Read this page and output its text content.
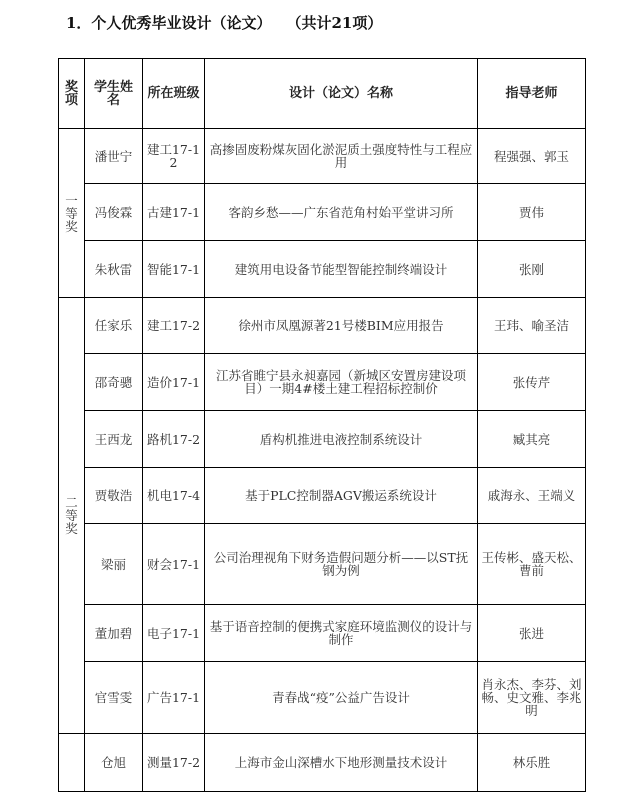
1．个人优秀毕业设计（论文）　　（共计21项）
奖项	学生姓名	所在班级	设计（论文）名称	指导老师
一等奖	潘世宁	建工17-12	高掺固废粉煤灰固化淤泥质土强度特性与工程应用	程强强、郭玉
	冯俊霖	古建17-1	客韵乡愁——广东省范角村始平堂讲习所	贾伟
	朱秋雷	智能17-1	建筑用电设备节能型智能控制终端设计	张刚
二等奖	任家乐	建工17-2	徐州市凤凰源著21号楼BIM应用报告	王玮、喻圣洁
	邵奇骢	造价17-1	江苏省睢宁县永昶嘉园（新城区安置房建设项目）一期4#楼土建工程招标控制价	张传芹
	王西龙	路机17-2	盾构机推进电液控制系统设计	臧其亮
	贾敬浩	机电17-4	基于PLC控制器AGV搬运系统设计	戚海永、王端义
	梁丽	财会17-1	公司治理视角下财务造假问题分析——以ST抚钢为例	王传彬、盛天松、曹前
	董加碧	电子17-1	基于语音控制的便携式家庭环境监测仪的设计与制作	张进
	官雪雯	广告17-1	青春战“疫”公益广告设计	肖永杰、李芬、刘畅、史文雅、李兆明
	仓旭	测量17-2	上海市金山深槽水下地形测量技术设计	林乐胜
